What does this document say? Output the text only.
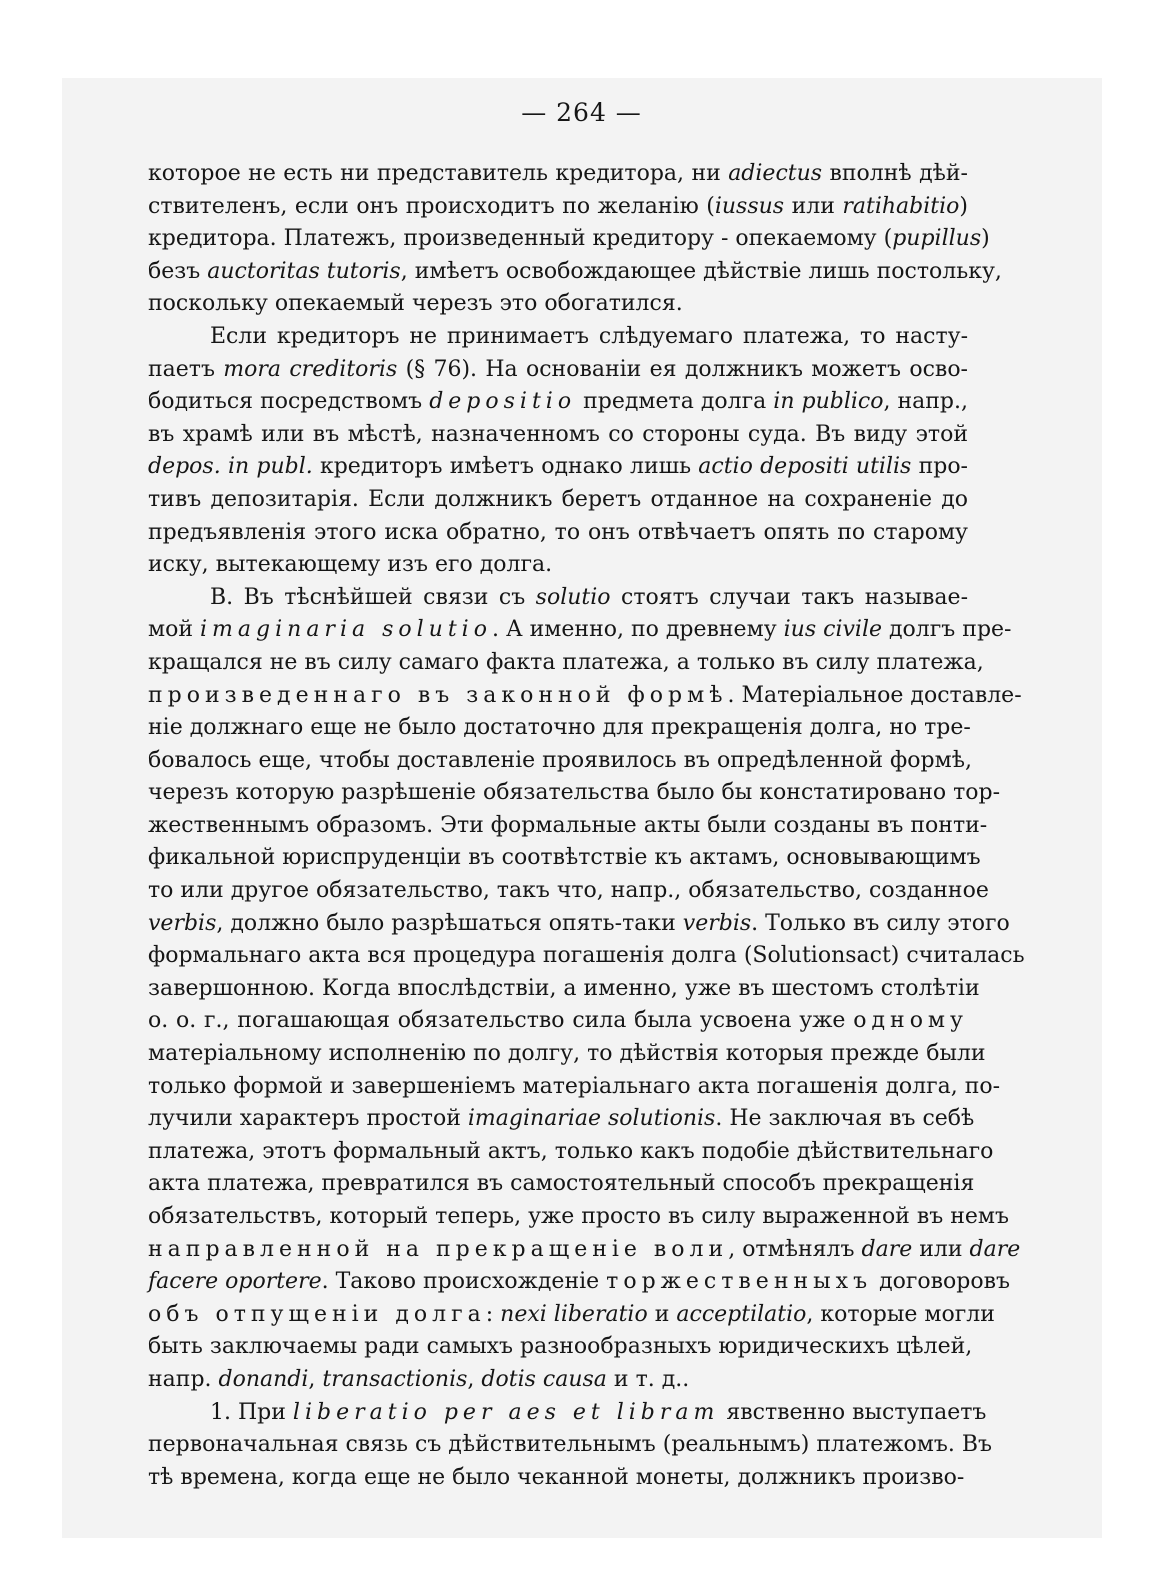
— 264 —
которое не есть ни представитель кредитора, ни adiectus вполнѣ дѣй-
ствителенъ, если онъ происходитъ по желанію (iussus или ratihabitio)
кредитора. Платежъ, произведенный кредитору - опекаемому (pupillus)
безъ auctoritas tutoris, имѣетъ освобождающее дѣйствіе лишь постольку,
поскольку опекаемый черезъ это обогатился.
Если кредиторъ не принимаетъ слѣдуемаго платежа, то насту-
паетъ mora creditoris (§ 76). На основаніи ея должникъ можетъ осво-
бодиться посредствомъ depositio предмета долга in publico, напр.,
въ храмѣ или въ мѣстѣ, назначенномъ со стороны суда. Въ виду этой
depos. in publ. кредиторъ имѣетъ однако лишь actio depositi utilis про-
тивъ депозитарія. Если должникъ беретъ отданное на сохраненіе до
предъявленія этого иска обратно, то онъ отвѣчаетъ опять по старому
иску, вытекающему изъ его долга.
В. Въ тѣснѣйшей связи съ solutio стоятъ случаи такъ называе-
мой imaginaria solutio. А именно, по древнему ius civile долгъ пре-
кращался не въ силу самаго факта платежа, а только въ силу платежа,
произведеннаго въ законной формѣ. Матеріальное доставле-
ніе должнаго еще не было достаточно для прекращенія долга, но тре-
бовалось еще, чтобы доставленіе проявилось въ опредѣленной формѣ,
черезъ которую разрѣшеніе обязательства было бы констатировано тор-
жественнымъ образомъ. Эти формальные акты были созданы въ понти-
фикальной юриспруденціи въ соотвѣтствіе къ актамъ, основывающимъ
то или другое обязательство, такъ что, напр., обязательство, созданное
verbis, должно было разрѣшаться опять-таки verbis. Только въ силу этого
формальнаго акта вся процедура погашенія долга (Solutionsact) считалась
завершонною. Когда впослѣдствіи, а именно, уже въ шестомъ столѣтіи
о. о. г., погашающая обязательство сила была усвоена уже одному
матеріальному исполненію по долгу, то дѣйствія которыя прежде были
только формой и завершеніемъ матеріальнаго акта погашенія долга, по-
лучили характеръ простой imaginariae solutionis. Не заключая въ себѣ
платежа, этотъ формальный актъ, только какъ подобіе дѣйствительнаго
акта платежа, превратился въ самостоятельный способъ прекращенія
обязательствъ, который теперь, уже просто въ силу выраженной въ немъ
направленной на прекращеніе воли, отмѣнялъ dare или dare
facere oportere. Таково происхожденіе торжественныхъ договоровъ
объ отпущеніи долга: nexi liberatio и acceptilatio, которые могли
быть заключаемы ради самыхъ разнообразныхъ юридическихъ цѣлей,
напр. donandi, transactionis, dotis causa и т. д..
1. При liberatio per aes et libram явственно выступаетъ
первоначальная связь съ дѣйствительнымъ (реальнымъ) платежомъ. Въ
тѣ времена, когда еще не было чеканной монеты, должникъ произво-
